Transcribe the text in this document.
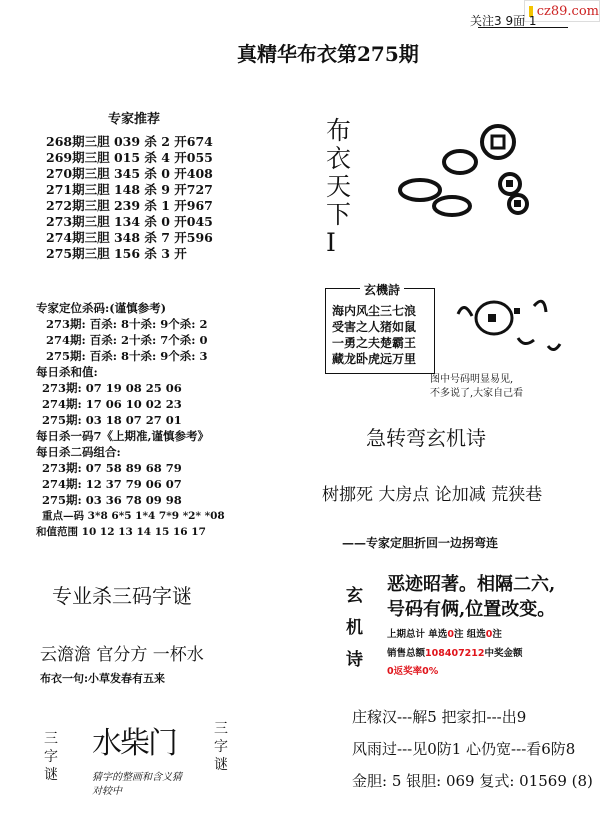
cz89.com
关注3 9面 1
真精华布衣第275期
专家推荐
268期三胆 039 杀 2 开674
269期三胆 015 杀 4 开055
270期三胆 345 杀 0 开408
271期三胆 148 杀 9 开727
272期三胆 239 杀 1 开967
273期三胆 134 杀 0 开045
274期三胆 348 杀 7 开596
275期三胆 156 杀 3 开
专家定位杀码:(谨慎参考)
273期: 百杀: 8十杀: 9个杀: 2
274期: 百杀: 2十杀: 7个杀: 0
275期: 百杀: 8十杀: 9个杀: 3
每日杀和值:
273期: 07 19 08 25 06
274期: 17 06 10 02 23
275期: 03 18 07 27 01
每日杀一码7《上期准,谨慎参考》
每日杀二码组合:
273期: 07 58 89 68 79
274期: 12 37 79 06 07
275期: 03 36 78 09 98
重点—码 3*8 6*5 1*4 7*9 *2* *08
和值范围 10 12 13 14 15 16 17
专业杀三码字谜
云澹澹 官分方 一杯水
布衣一句:小草发春有五来
三字谜
水柴门
猜字的整画和含义猜
对较中
三字谜
布
衣
天
下
I
玄機詩
海内风尘三七浪
受害之人猪如鼠
一勇之夫楚霸王
藏龙卧虎远万里
图中号码明显易见,
不多说了,大家自己看
急转弯玄机诗
树挪死 大房点 论加减 荒狭巷
——专家定胆折回一边拐弯连
玄
机
诗
恶迹昭著。相隔二六,
号码有俩,位置改变。
上期总计 单选0注 组选0注
销售总额108407212中奖金额
0返奖率0%
庄稼汉---解5 把家扣---出9
风雨过---见0防1 心仍宽---看6防8
金胆: 5 银胆: 069 复式: 01569 (8)
